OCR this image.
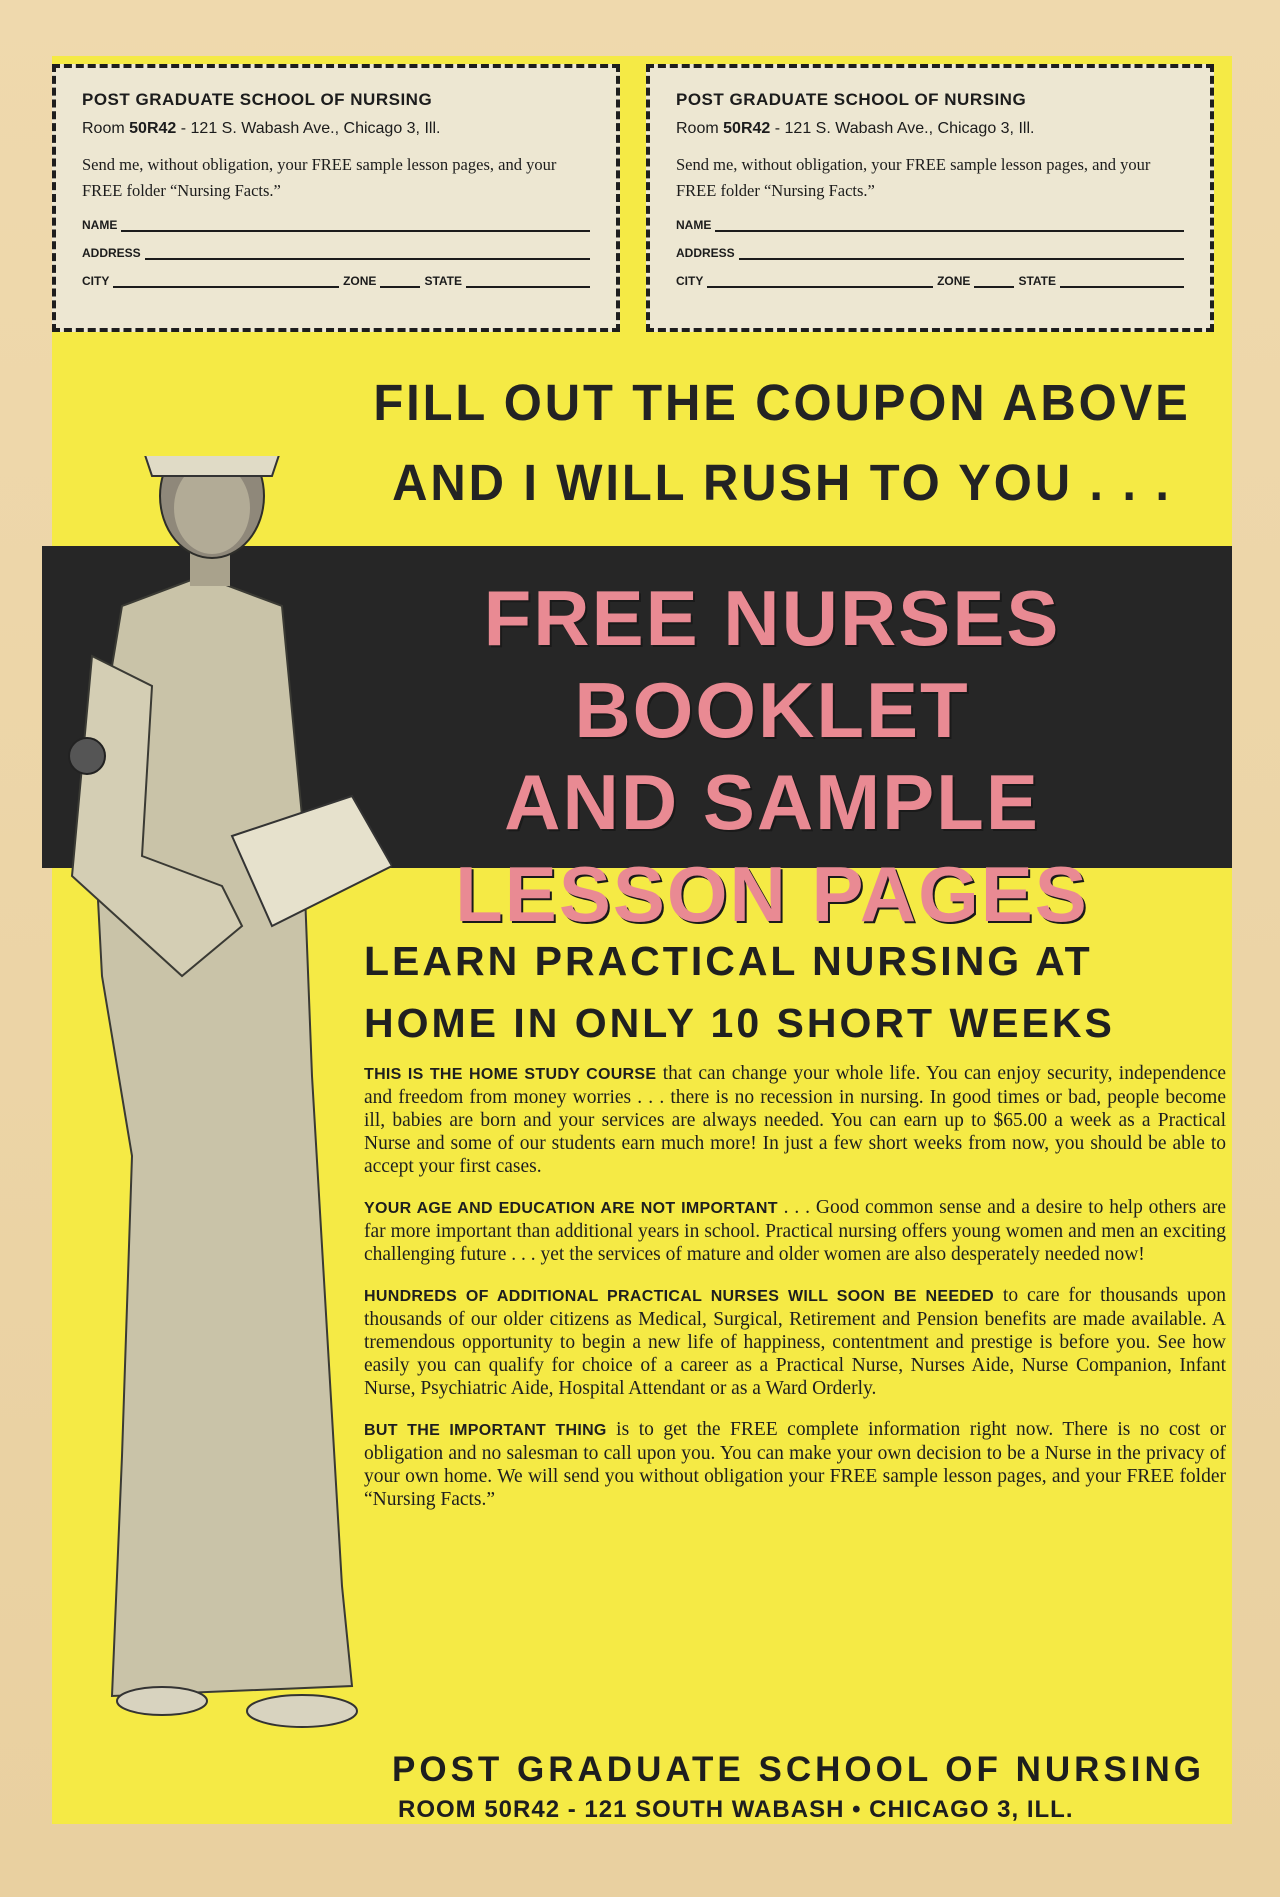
POST GRADUATE SCHOOL OF NURSING
Room 50R42 - 121 S. Wabash Ave., Chicago 3, Ill.
Send me, without obligation, your FREE sample lesson pages, and your FREE folder “Nursing Facts.”
NAME
ADDRESS
CITY	ZONE	STATE
POST GRADUATE SCHOOL OF NURSING
Room 50R42 - 121 S. Wabash Ave., Chicago 3, Ill.
Send me, without obligation, your FREE sample lesson pages, and your FREE folder “Nursing Facts.”
NAME
ADDRESS
CITY	ZONE	STATE
FILL OUT THE COUPON ABOVE
AND I WILL RUSH TO YOU . . .
FREE NURSES BOOKLET
AND SAMPLE
LESSON PAGES
LEARN PRACTICAL NURSING AT
HOME IN ONLY 10 SHORT WEEKS

THIS IS THE HOME STUDY COURSE that can change your whole life. You can enjoy security, independence and freedom from money worries . . . there is no recession in nursing. In good times or bad, people become ill, babies are born and your services are always needed. You can earn up to $65.00 a week as a Practical Nurse and some of our students earn much more! In just a few short weeks from now, you should be able to accept your first cases.

YOUR AGE AND EDUCATION ARE NOT IMPORTANT . . . Good common sense and a desire to help others are far more important than additional years in school. Practical nursing offers young women and men an exciting challenging future . . . yet the services of mature and older women are also desperately needed now!

HUNDREDS OF ADDITIONAL PRACTICAL NURSES WILL SOON BE NEEDED to care for thousands upon thousands of our older citizens as Medical, Surgical, Retirement and Pension benefits are made available. A tremendous opportunity to begin a new life of happiness, contentment and prestige is before you. See how easily you can qualify for choice of a career as a Practical Nurse, Nurses Aide, Nurse Companion, Infant Nurse, Psychiatric Aide, Hospital Attendant or as a Ward Orderly.

BUT THE IMPORTANT THING is to get the FREE complete information right now. There is no cost or obligation and no salesman to call upon you. You can make your own decision to be a Nurse in the privacy of your own home. We will send you without obligation your FREE sample lesson pages, and your FREE folder “Nursing Facts.”

POST GRADUATE SCHOOL OF NURSING
ROOM 50R42 - 121 SOUTH WABASH • CHICAGO 3, ILL.
